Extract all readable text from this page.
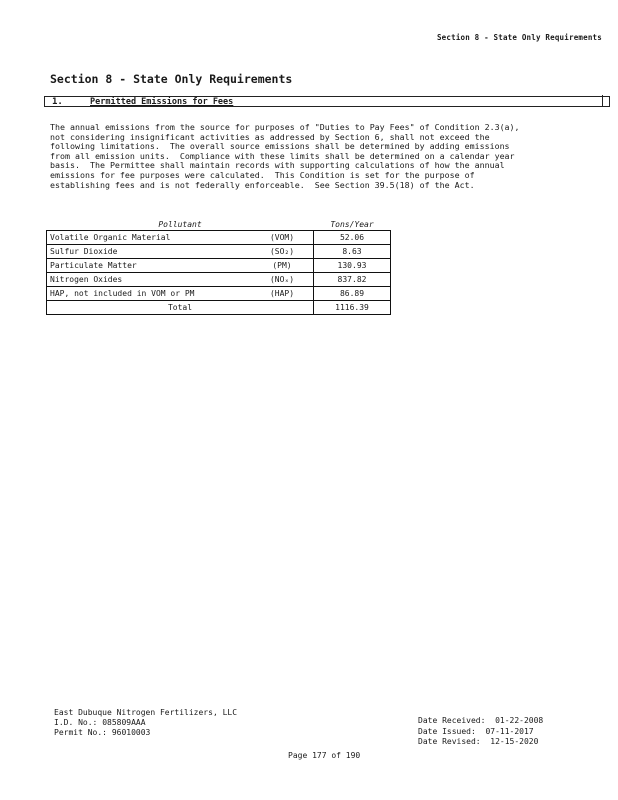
Section 8 - State Only Requirements
Section 8 - State Only Requirements
1.	Permitted Emissions for Fees
The annual emissions from the source for purposes of "Duties to Pay Fees" of Condition 2.3(a),
not considering insignificant activities as addressed by Section 6, shall not exceed the
following limitations.  The overall source emissions shall be determined by adding emissions
from all emission units.  Compliance with these limits shall be determined on a calendar year
basis.  The Permittee shall maintain records with supporting calculations of how the annual
emissions for fee purposes were calculated.  This Condition is set for the purpose of
establishing fees and is not federally enforceable.  See Section 39.5(18) of the Act.
Pollutant		Tons/Year
Volatile Organic Material	(VOM)	52.06
Sulfur Dioxide	(SO₂)	8.63
Particulate Matter	(PM)	130.93
Nitrogen Oxides	(NOₓ)	837.82
HAP, not included in VOM or PM	(HAP)	86.89
Total		1116.39
East Dubuque Nitrogen Fertilizers, LLC
I.D. No.: 085809AAA
Permit No.: 96010003
Date Received: 01-22-2008
Date Issued: 07-11-2017
Date Revised: 12-15-2020
Page 177 of 190
